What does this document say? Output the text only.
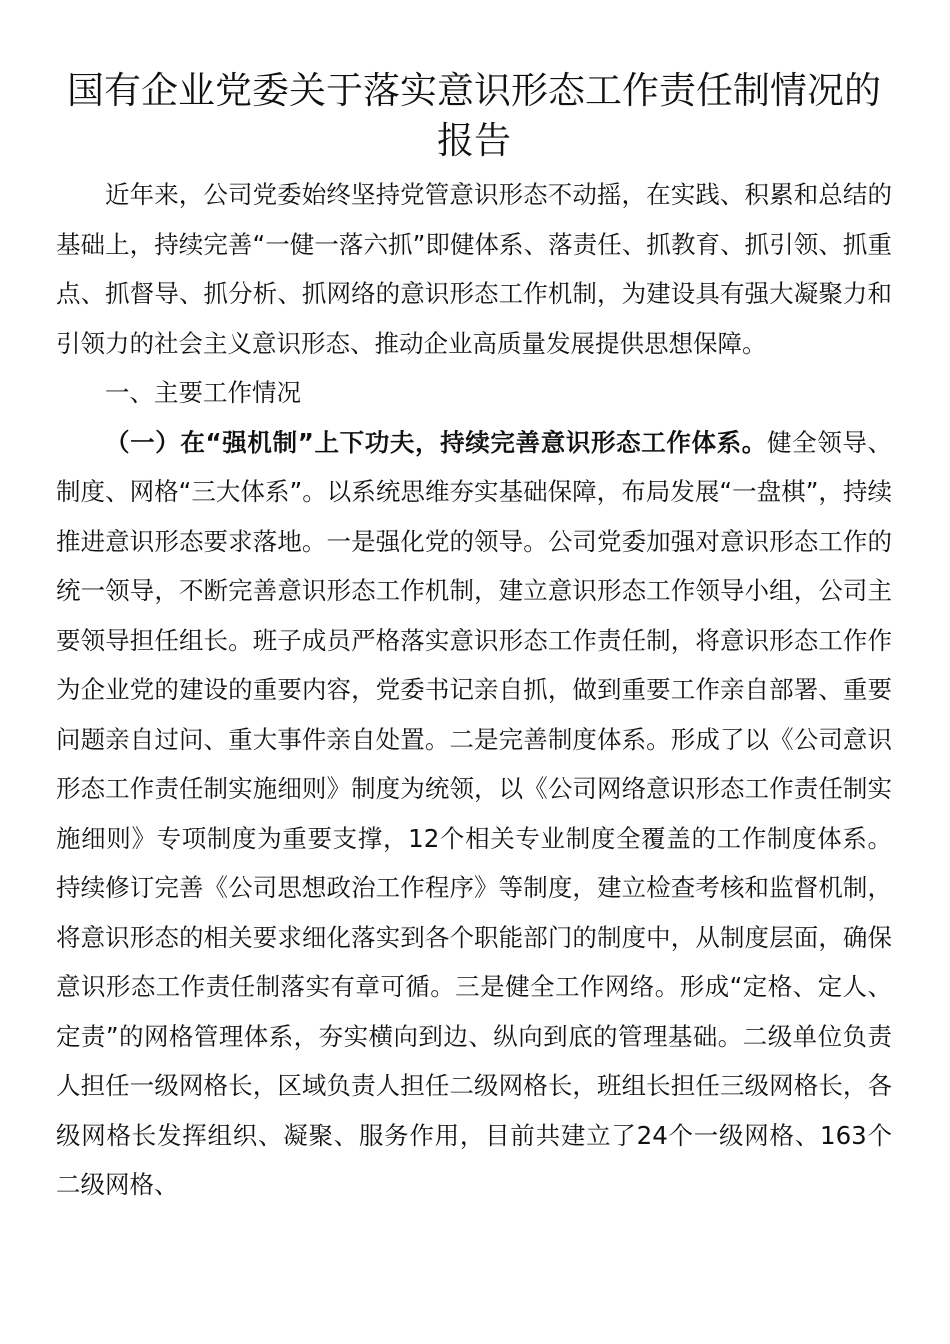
国有企业党委关于落实意识形态工作责任制情况的报告

近年来，公司党委始终坚持党管意识形态不动摇，在实践、积累和总结的基础上，持续完善“一健一落六抓”即健体系、落责任、抓教育、抓引领、抓重点、抓督导、抓分析、抓网络的意识形态工作机制，为建设具有强大凝聚力和引领力的社会主义意识形态、推动企业高质量发展提供思想保障。

一、主要工作情况

（一）在“强机制”上下功夫，持续完善意识形态工作体系。健全领导、制度、网格“三大体系”。以系统思维夯实基础保障，布局发展“一盘棋”，持续推进意识形态要求落地。一是强化党的领导。公司党委加强对意识形态工作的统一领导，不断完善意识形态工作机制，建立意识形态工作领导小组，公司主要领导担任组长。班子成员严格落实意识形态工作责任制，将意识形态工作作为企业党的建设的重要内容，党委书记亲自抓，做到重要工作亲自部署、重要问题亲自过问、重大事件亲自处置。二是完善制度体系。形成了以《公司意识形态工作责任制实施细则》制度为统领，以《公司网络意识形态工作责任制实施细则》专项制度为重要支撑，12个相关专业制度全覆盖的工作制度体系。持续修订完善《公司思想政治工作程序》等制度，建立检查考核和监督机制，将意识形态的相关要求细化落实到各个职能部门的制度中，从制度层面，确保意识形态工作责任制落实有章可循。三是健全工作网络。形成“定格、定人、定责”的网格管理体系，夯实横向到边、纵向到底的管理基础。二级单位负责人担任一级网格长，区域负责人担任二级网格长，班组长担任三级网格长，各级网格长发挥组织、凝聚、服务作用，目前共建立了24个一级网格、163个二级网格、
